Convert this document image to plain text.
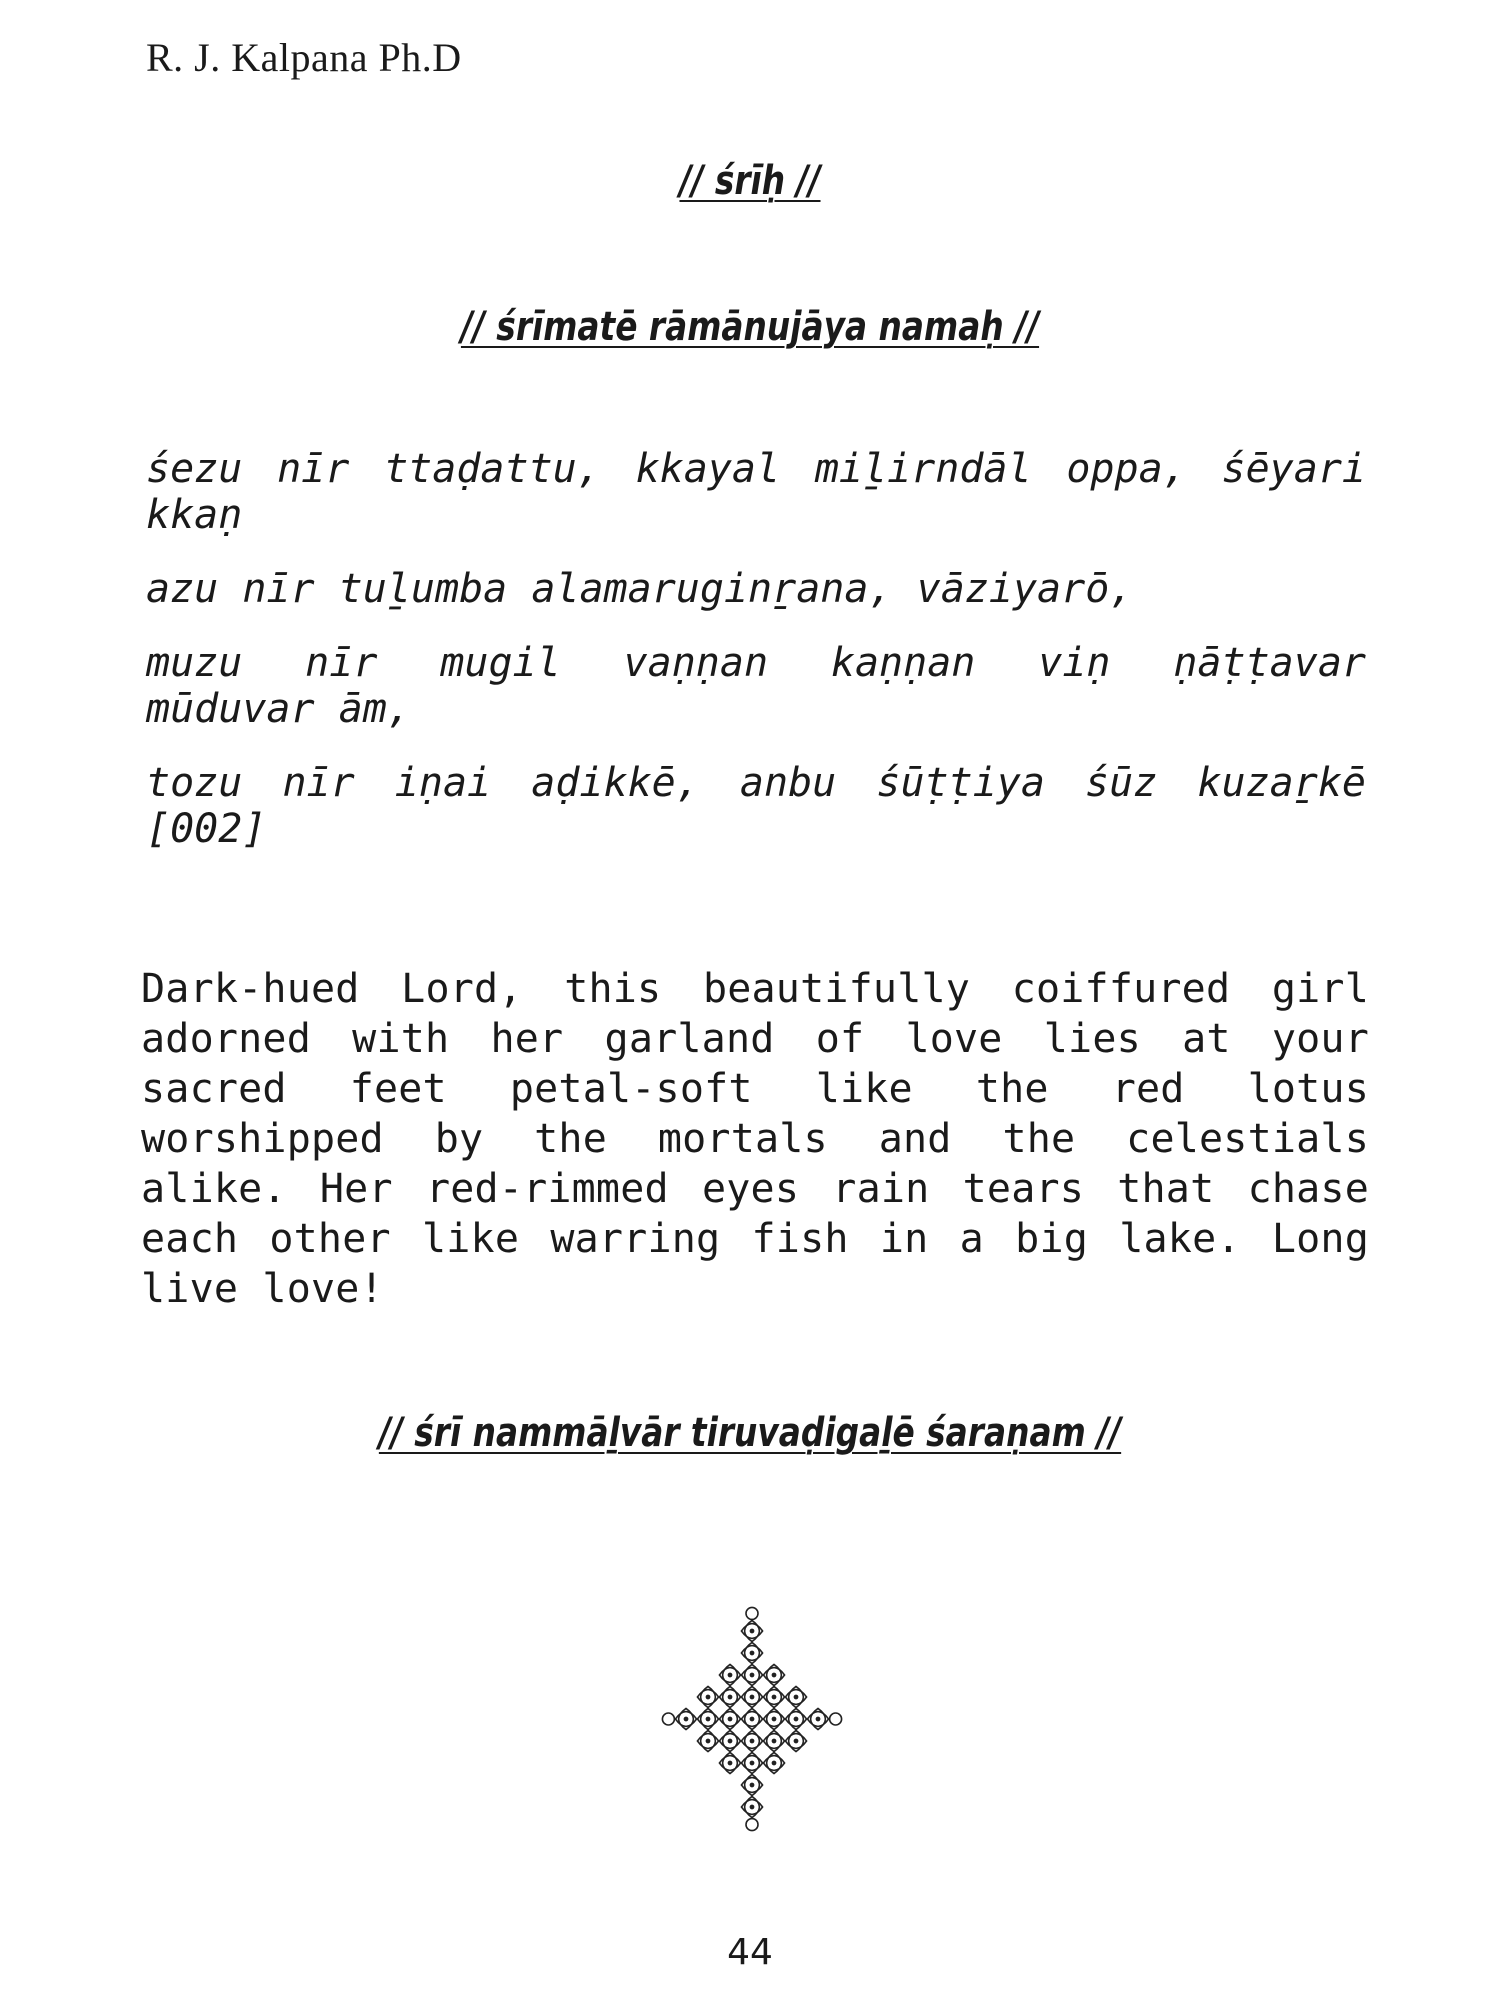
R. J. Kalpana Ph.D
// śrīḥ //
// śrīmatē rāmānujāya namaḥ //

śezu nīr ttaḍattu, kkayal miḻirndāl oppa, śēyari

kkaṇ

azu nīr tuḻumba alamaruginṟana, vāziyarō,

muzu nīr mugil vaṇṇan kaṇṇan viṇ ṇāṭṭavar

mūduvar ām,

tozu nīr iṇai aḍikkē, anbu śūṭṭiya śūz kuzaṟkē

[002]

Dark-hued Lord, this beautifully coiffured girl adorned with her garland of love lies at your sacred feet petal-soft like the red lotus worshipped by the mortals and the celestials alike. Her red-rimmed eyes rain tears that chase each other like warring fish in a big lake. Long live love!
// śrī nammāḻvār tiruvaḍigaḻē śaraṇam //
44
